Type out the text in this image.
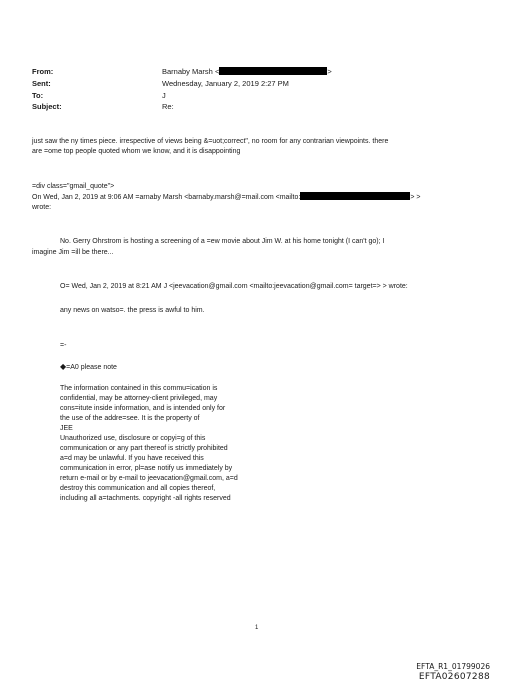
From:	Barnaby Marsh <	>
Sent:	Wednesday, January 2, 2019 2:27 PM
To:	J
Subject:	Re:
just saw the ny times piece. irrespective of views being &=uot;correct", no room for any contrarian viewpoints. there
are =ome top people quoted whom we know, and it is disappointing
=div class="gmail_quote">
On Wed, Jan 2, 2019 at 9:06 AM =arnaby Marsh <barnaby.marsh@=mail.com <mailto:	> >
wrote:
No. Gerry Ohrstrom is hosting a screening of a =ew movie about Jim W. at his home tonight (I can't go); I
imagine Jim =ill be there...
O= Wed, Jan 2, 2019 at 8:21 AM J <jeevacation@gmail.com <mailto:jeevacation@gmail.com= target=> > wrote:
any news on watso=. the press is awful to him.
=-
◆=A0 please note
The information contained in this commu=ication is
confidential, may be attorney-client privileged, may
cons=itute inside information, and is intended only for
the use of the addre=see. It is the property of
JEE
Unauthorized use, disclosure or copyi=g of this
communication or any part thereof is strictly prohibited
a=d may be unlawful. If you have received this
communication in error, pl=ase notify us immediately by
return e-mail or by e-mail to jeevacation@gmail.com, a=d
destroy this communication and all copies thereof,
including all a=tachments. copyright -all rights reserved
1
EFTA_R1_01799026
EFTA02607288
